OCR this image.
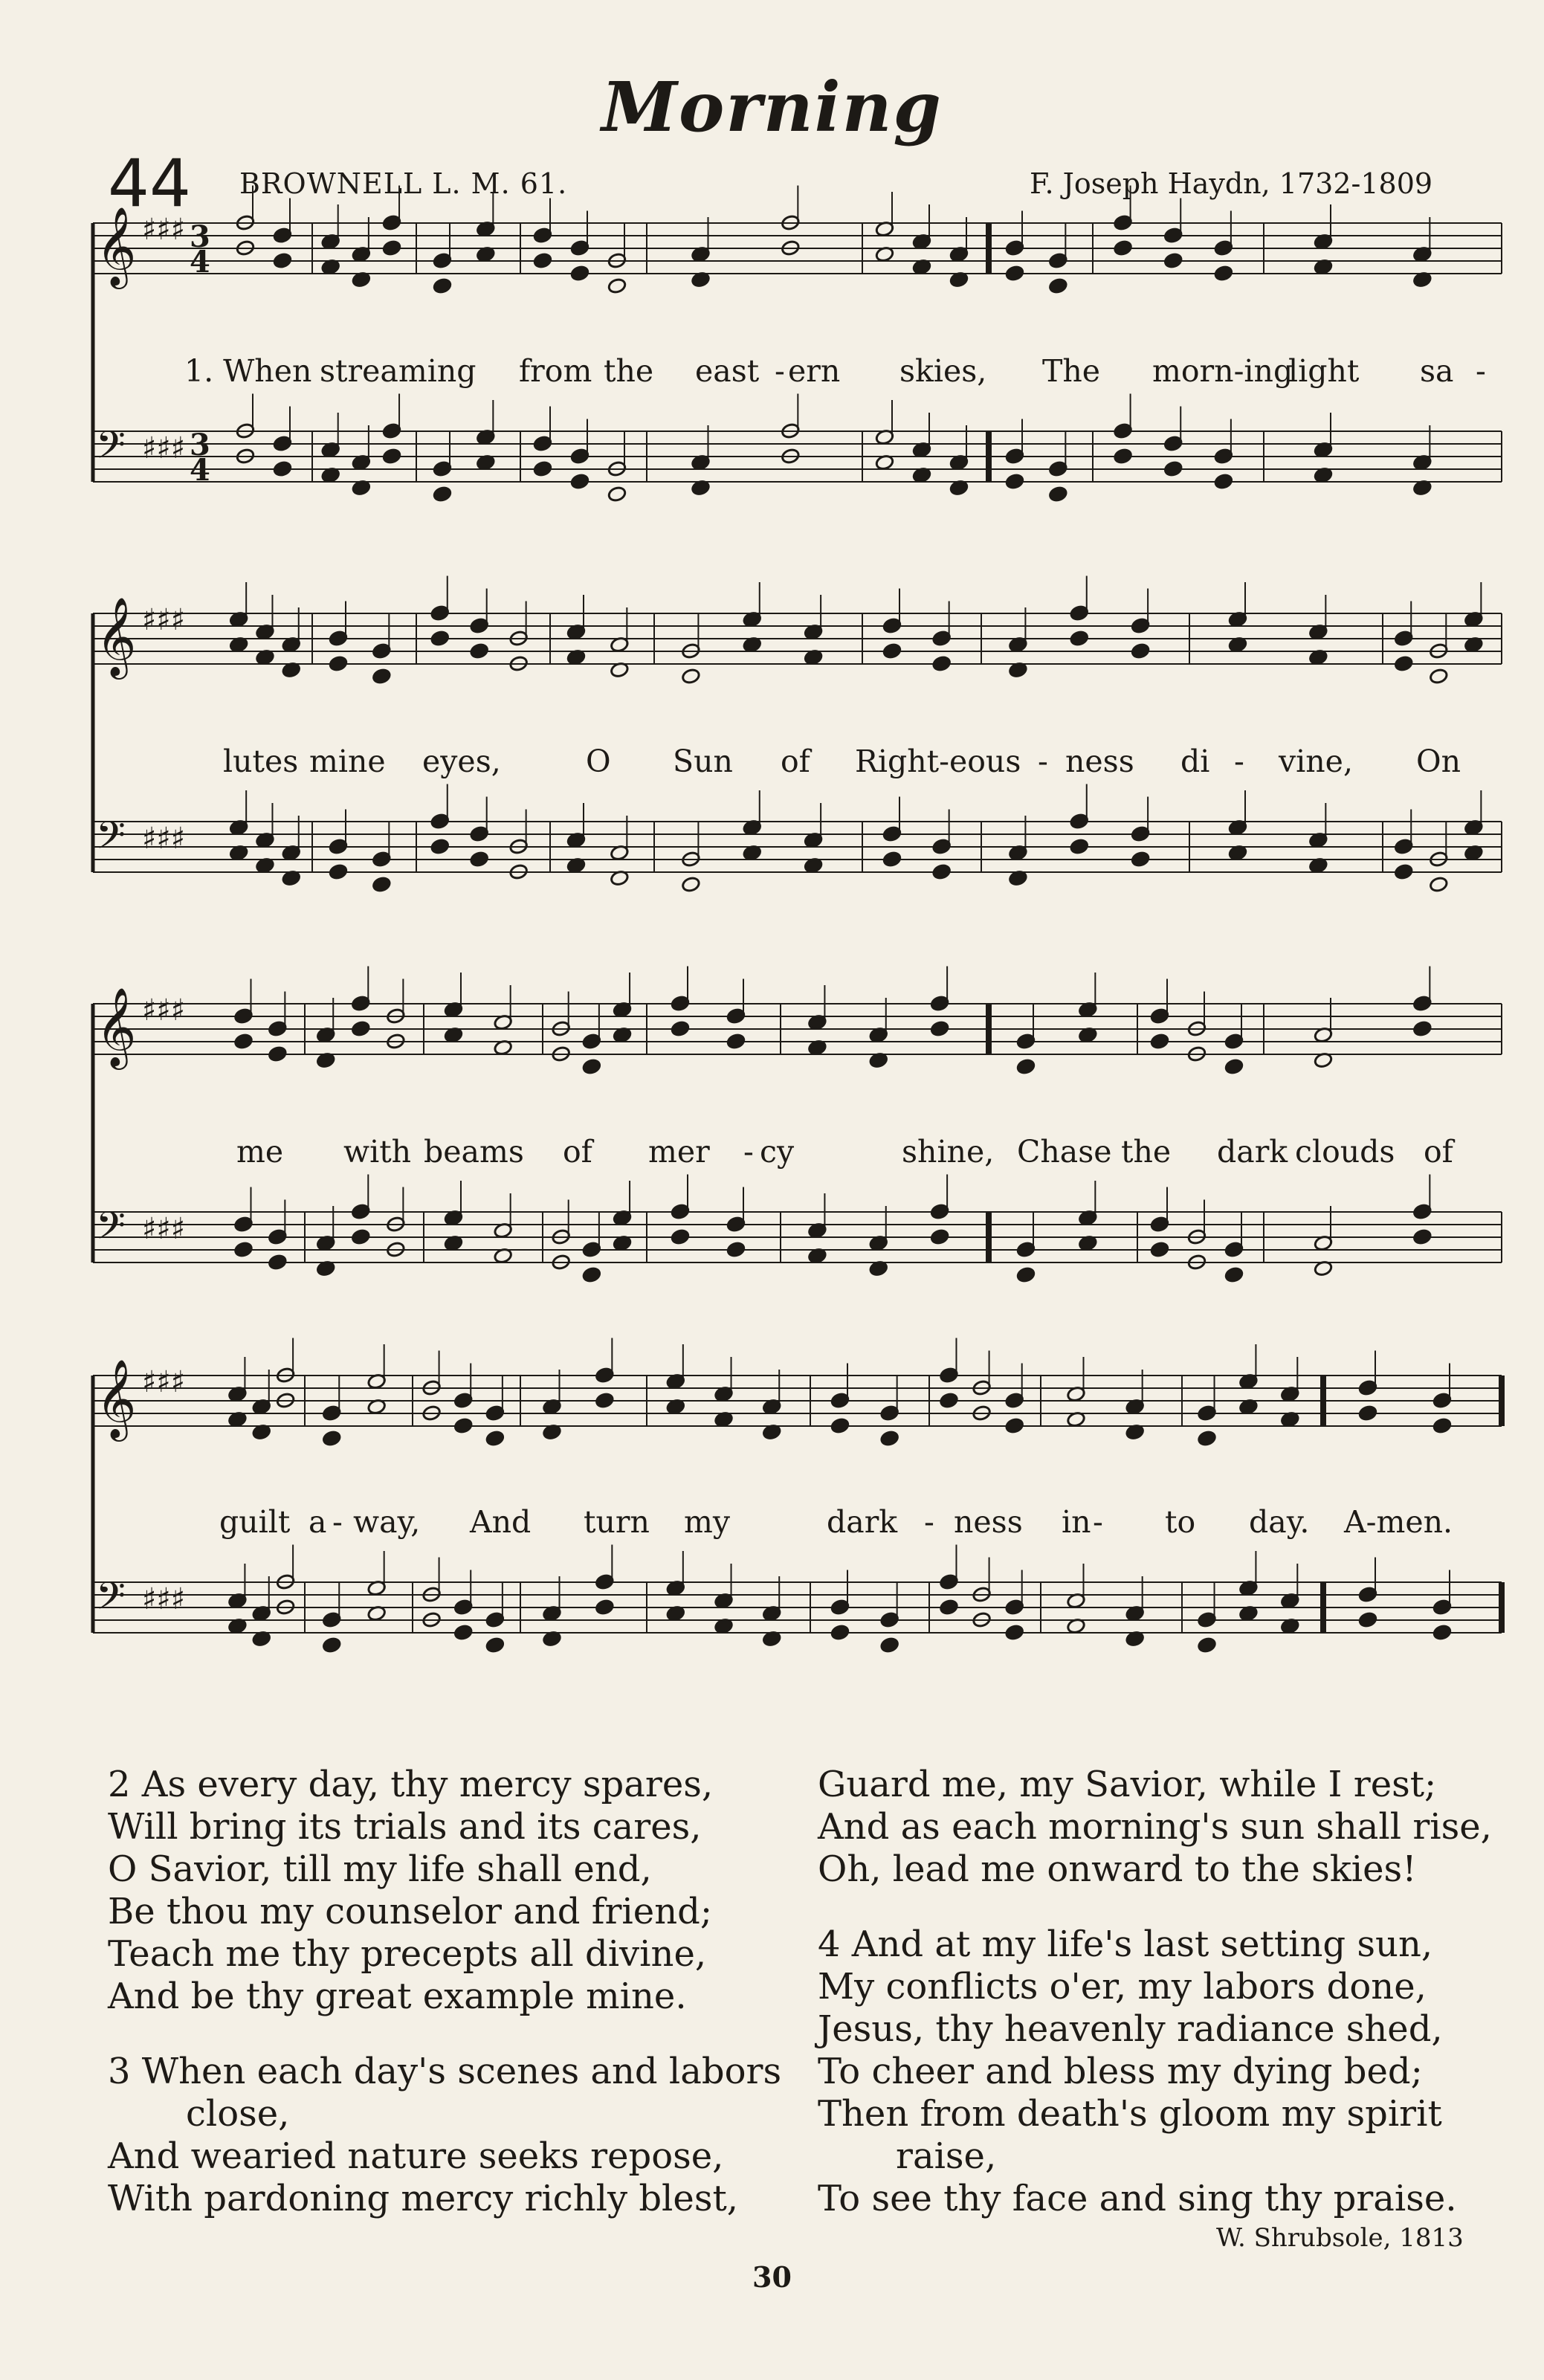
Morning
44 BROWNELL L. M. 61.	F. Joseph Haydn, 1732-1809
𝄞 ♯♯♯ 3
4
𝄢 ♯♯♯ 3
4
𝄞 ♯♯♯
𝄢 ♯♯♯
𝄞 ♯♯♯
𝄢 ♯♯♯
𝄞 ♯♯♯
𝄢 ♯♯♯
1. When streaming from the east - ern skies, The morn-ing
light sa -
lutes mine eyes,	O Sun of Right-eous - ness di - vine, On
me with beams of mer - cy	shine, Chase the dark clouds of
guilt a - way, And turn my	dark - ness in - to day. A-men.

2 As every day, thy mercy spares,

Will bring its trials and its cares,

O Savior, till my life shall end,

Be thou my counselor and friend;

Teach me thy precepts all divine,

And be thy great example mine.

3 When each day's scenes and labors

close,

And wearied nature seeks repose,

With pardoning mercy richly blest,

Guard me, my Savior, while I rest;

And as each morning's sun shall rise,

Oh, lead me onward to the skies!

4 And at my life's last setting sun,

My conflicts o'er, my labors done,

Jesus, thy heavenly radiance shed,

To cheer and bless my dying bed;

Then from death's gloom my spirit

raise,

To see thy face and sing thy praise.

W. Shrubsole, 1813
30
